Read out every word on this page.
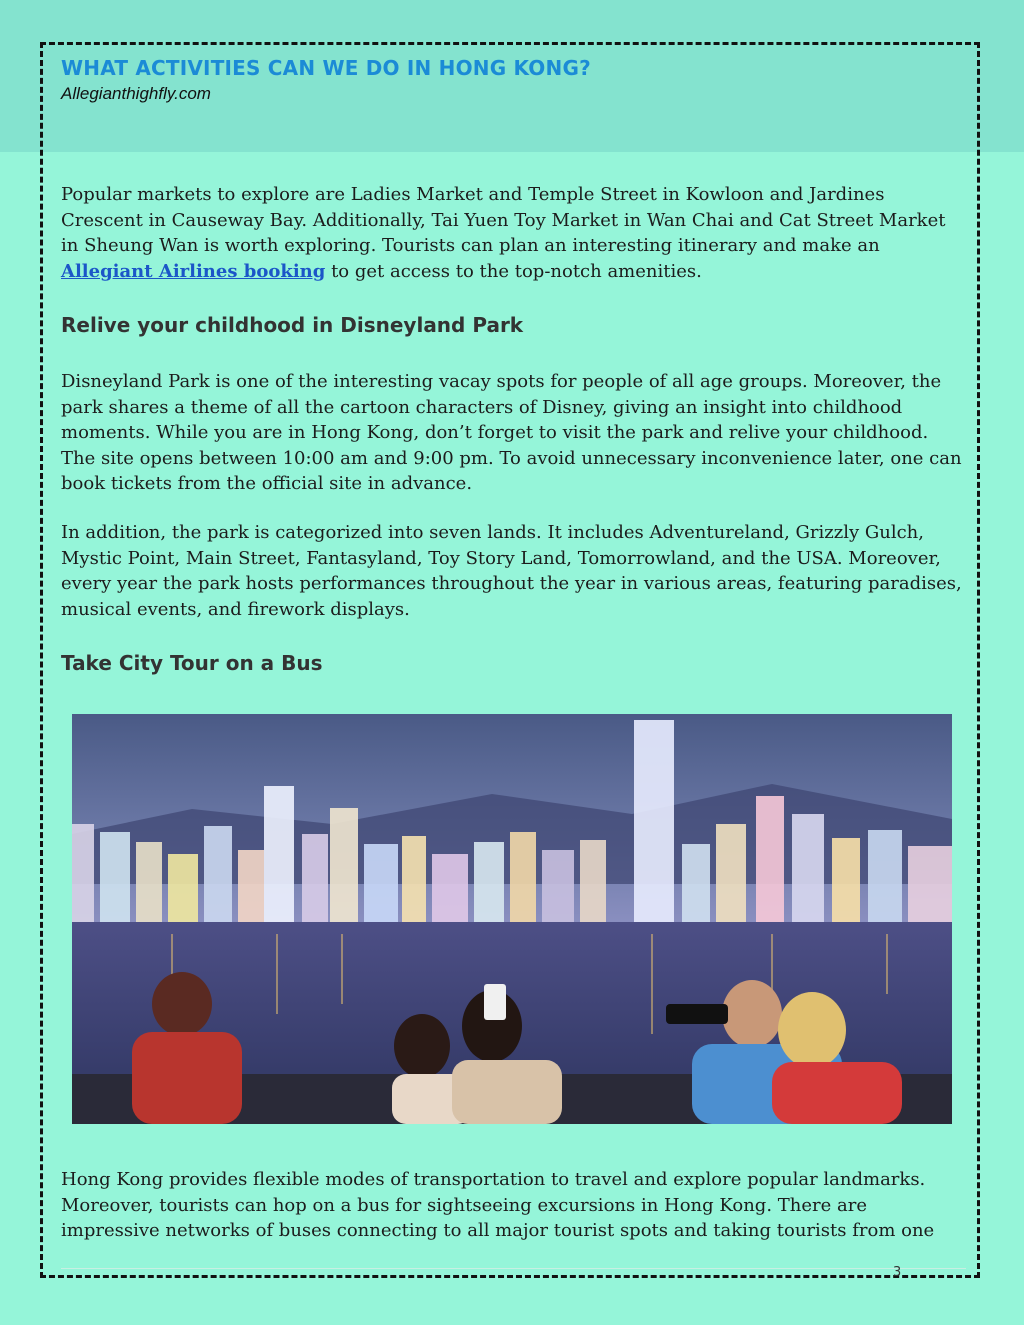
WHAT ACTIVITIES CAN WE DO IN HONG KONG?

Allegianthighfly.com

Popular markets to explore are Ladies Market and Temple Street in Kowloon and Jardines Crescent in Causeway Bay. Additionally, Tai Yuen Toy Market in Wan Chai and Cat Street Market in Sheung Wan is worth exploring. Tourists can plan an interesting itinerary and make an Allegiant Airlines booking to get access to the top-notch amenities.

Relive your childhood in Disneyland Park

Disneyland Park is one of the interesting vacay spots for people of all age groups. Moreover, the park shares a theme of all the cartoon characters of Disney, giving an insight into childhood moments. While you are in Hong Kong, don’t forget to visit the park and relive your childhood. The site opens between 10:00 am and 9:00 pm. To avoid unnecessary inconvenience later, one can book tickets from the official site in advance.

In addition, the park is categorized into seven lands. It includes Adventureland, Grizzly Gulch, Mystic Point, Main Street, Fantasyland, Toy Story Land, Tomorrowland, and the USA. Moreover, every year the park hosts performances throughout the year in various areas, featuring paradises, musical events, and firework displays.

Take City Tour on a Bus

Hong Kong provides flexible modes of transportation to travel and explore popular landmarks. Moreover, tourists can hop on a bus for sightseeing excursions in Hong Kong. There are impressive networks of buses connecting to all major tourist spots and taking tourists from one

3
